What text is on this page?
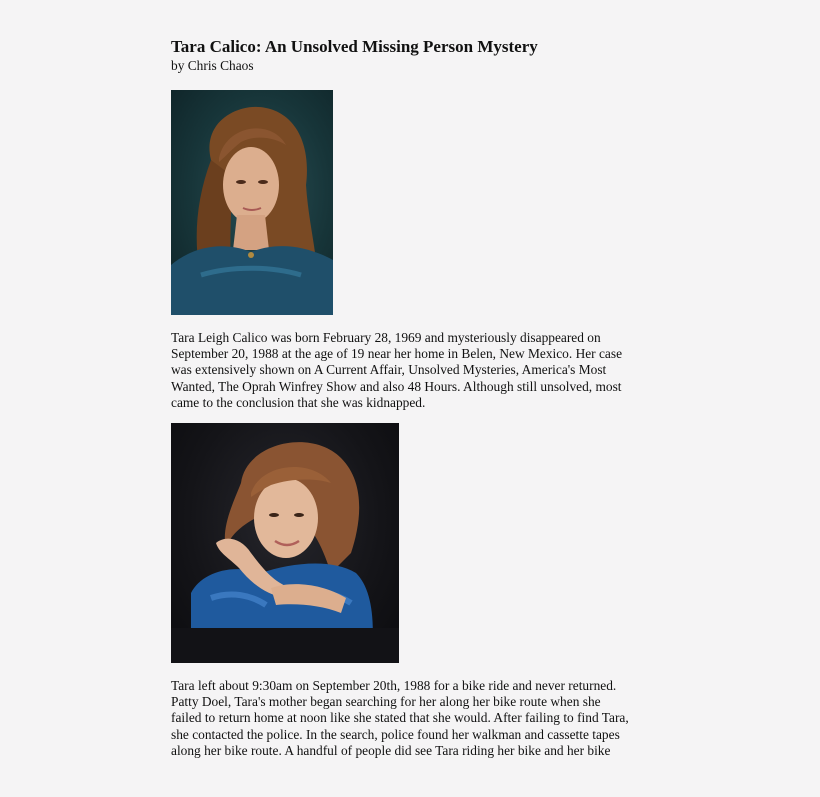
Tara Calico: An Unsolved Missing Person Mystery
by Chris Chaos

Tara Leigh Calico was born February 28, 1969 and mysteriously disappeared on
September 20, 1988 at the age of 19 near her home in Belen, New Mexico. Her case
was extensively shown on A Current Affair, Unsolved Mysteries, America's Most
Wanted, The Oprah Winfrey Show and also 48 Hours. Although still unsolved, most
came to the conclusion that she was kidnapped.

Tara left about 9:30am on September 20th, 1988 for a bike ride and never returned.
Patty Doel, Tara's mother began searching for her along her bike route when she
failed to return home at noon like she stated that she would. After failing to find Tara,
she contacted the police. In the search, police found her walkman and cassette tapes
along her bike route. A handful of people did see Tara riding her bike and her bike
